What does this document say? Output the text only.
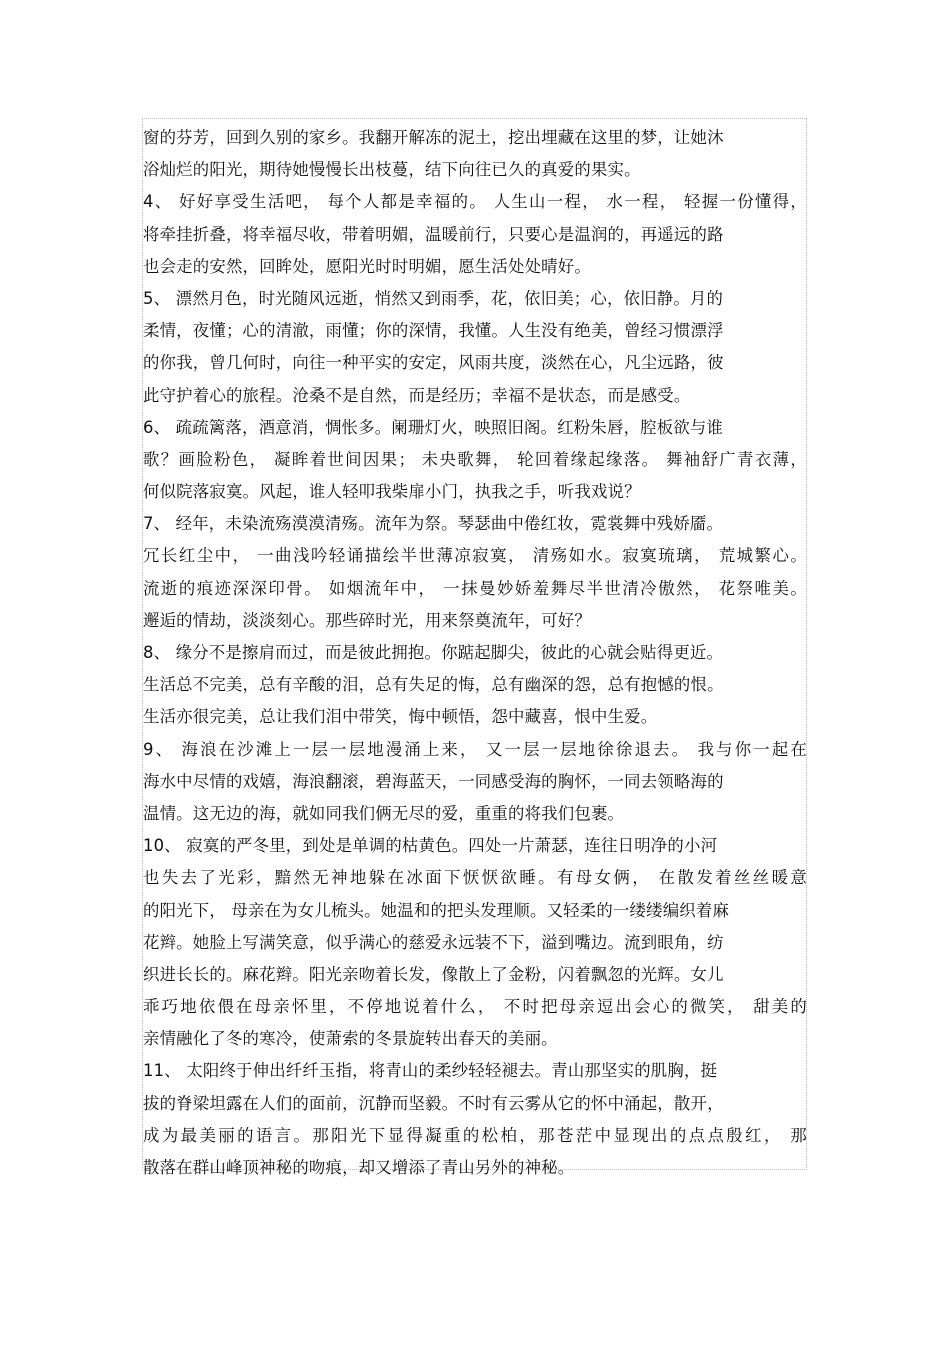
窗的芬芳，回到久别的家乡。我翻开解冻的泥土，挖出埋藏在这里的梦，让她沐
浴灿烂的阳光，期待她慢慢长出枝蔓，结下向往已久的真爱的果实。
4、 好好享受生活吧， 每个人都是幸福的。 人生山一程， 水一程， 轻握一份懂得，
将牵挂折叠，将幸福尽收，带着明媚，温暖前行，只要心是温润的，再遥远的路
也会走的安然，回眸处，愿阳光时时明媚，愿生活处处晴好。
5、 漂然月色，时光随风远逝，悄然又到雨季，花，依旧美；心，依旧静。月的
柔情，夜懂；心的清澈，雨懂；你的深情，我懂。人生没有绝美，曾经习惯漂浮
的你我，曾几何时，向往一种平实的安定，风雨共度，淡然在心，凡尘远路，彼
此守护着心的旅程。沧桑不是自然，而是经历；幸福不是状态，而是感受。
6、 疏疏篱落，酒意消，惆怅多。阑珊灯火，映照旧阁。红粉朱唇，腔板欲与谁
歌？画脸粉色， 凝眸着世间因果； 未央歌舞， 轮回着缘起缘落。 舞袖舒广青衣薄，
何似院落寂寞。风起，谁人轻叩我柴扉小门，执我之手，听我戏说？
7、 经年，未染流殇漠漠清殇。流年为祭。琴瑟曲中倦红妆，霓裳舞中残娇靥。
冗长红尘中， 一曲浅吟轻诵描绘半世薄凉寂寞， 清殇如水。寂寞琉璃， 荒城繁心。
流逝的痕迹深深印骨。 如烟流年中， 一抹曼妙娇羞舞尽半世清冷傲然， 花祭唯美。
邂逅的情劫，淡淡刻心。那些碎时光，用来祭奠流年，可好？
8、 缘分不是擦肩而过，而是彼此拥抱。你踮起脚尖，彼此的心就会贴得更近。
生活总不完美，总有辛酸的泪，总有失足的悔，总有幽深的怨，总有抱憾的恨。
生活亦很完美，总让我们泪中带笑，悔中顿悟，怨中藏喜，恨中生爱。
9、 海浪在沙滩上一层一层地漫涌上来， 又一层一层地徐徐退去。 我与你一起在
海水中尽情的戏嬉，海浪翻滚，碧海蓝天，一同感受海的胸怀，一同去领略海的
温情。这无边的海，就如同我们俩无尽的爱，重重的将我们包裹。
10、 寂寞的严冬里，到处是单调的枯黄色。四处一片萧瑟，连往日明净的小河
也失去了光彩，黯然无神地躲在冰面下恹恹欲睡。有母女俩， 在散发着丝丝暖意
的阳光下， 母亲在为女儿梳头。她温和的把头发理顺。又轻柔的一缕缕编织着麻
花辫。她脸上写满笑意，似乎满心的慈爱永远装不下，溢到嘴边。流到眼角，纺
织进长长的。麻花辫。阳光亲吻着长发，像散上了金粉，闪着飘忽的光辉。女儿
乖巧地依偎在母亲怀里，不停地说着什么， 不时把母亲逗出会心的微笑， 甜美的
亲情融化了冬的寒冷，使萧索的冬景旋转出春天的美丽。
11、 太阳终于伸出纤纤玉指，将青山的柔纱轻轻褪去。青山那坚实的肌胸，挺
拔的脊梁坦露在人们的面前，沉静而坚毅。不时有云雾从它的怀中涌起，散开，
成为最美丽的语言。那阳光下显得凝重的松柏，那苍茫中显现出的点点殷红， 那
散落在群山峰顶神秘的吻痕，却又增添了青山另外的神秘。
